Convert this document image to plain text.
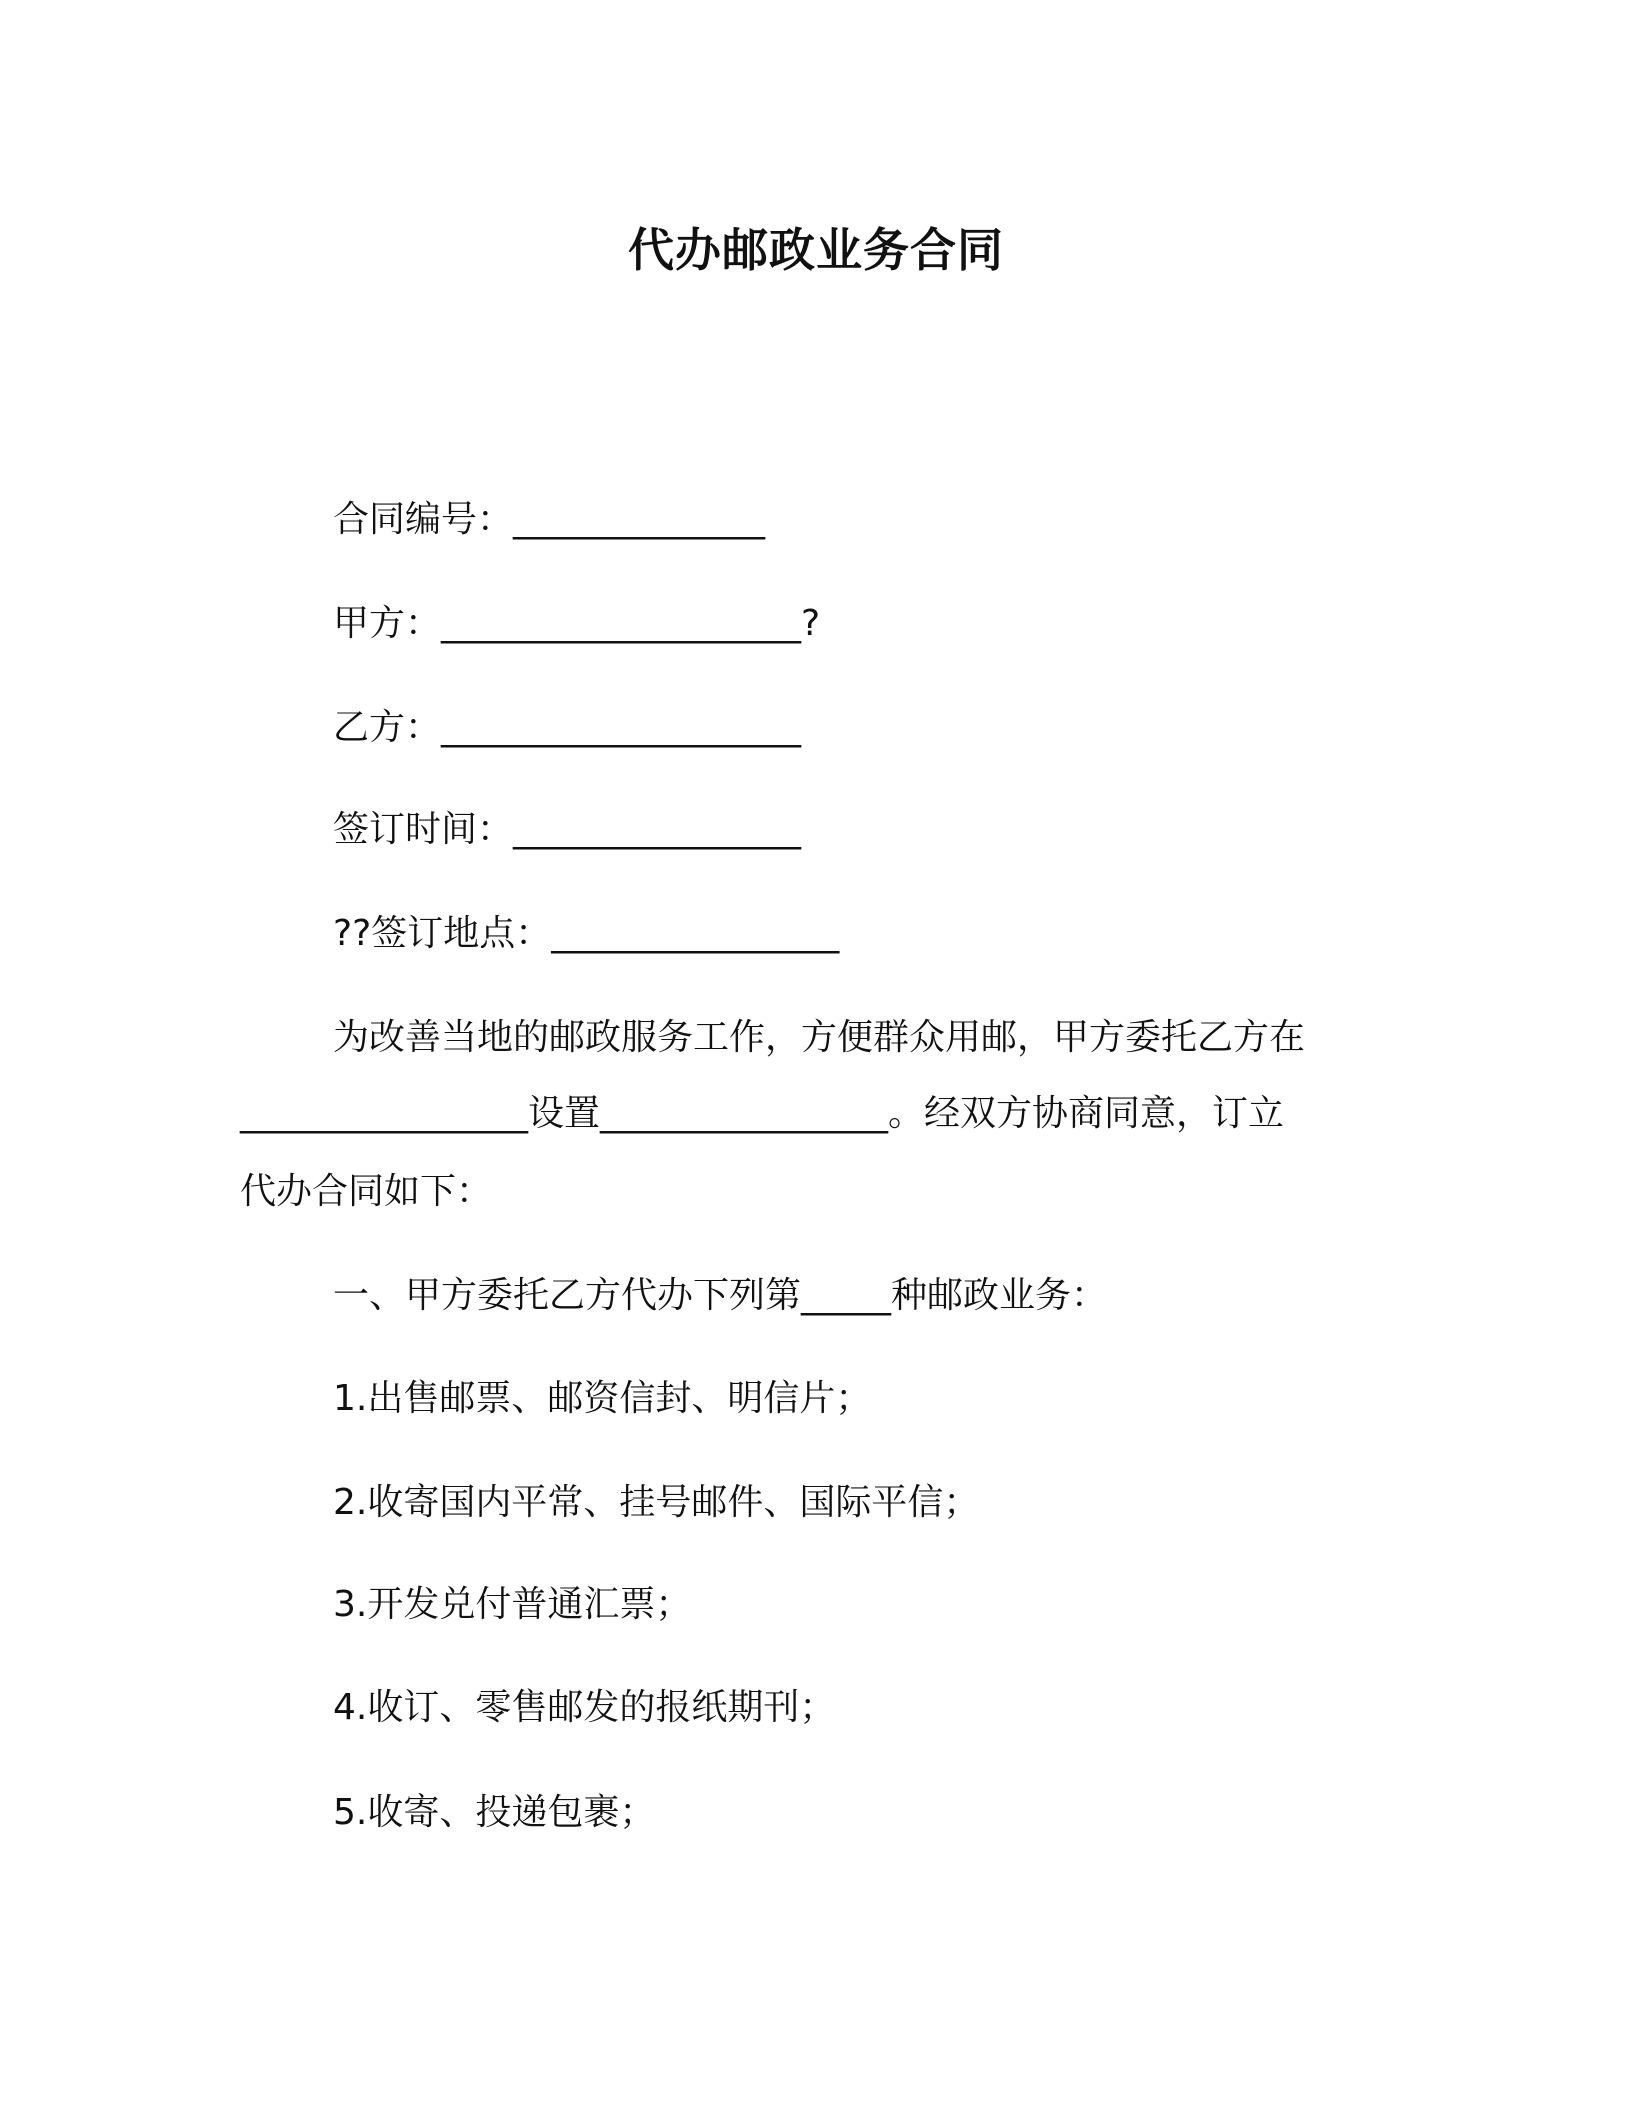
代办邮政业务合同
合同编号：______________
甲方：____________________?
乙方：____________________
签订时间：________________
??签订地点：________________
为改善当地的邮政服务工作，方便群众用邮，甲方委托乙方在
________________设置________________。经双方协商同意，订立
代办合同如下：
一、甲方委托乙方代办下列第_____种邮政业务：
1.出售邮票、邮资信封、明信片；
2.收寄国内平常、挂号邮件、国际平信；
3.开发兑付普通汇票；
4.收订、零售邮发的报纸期刊；
5.收寄、投递包裹；
